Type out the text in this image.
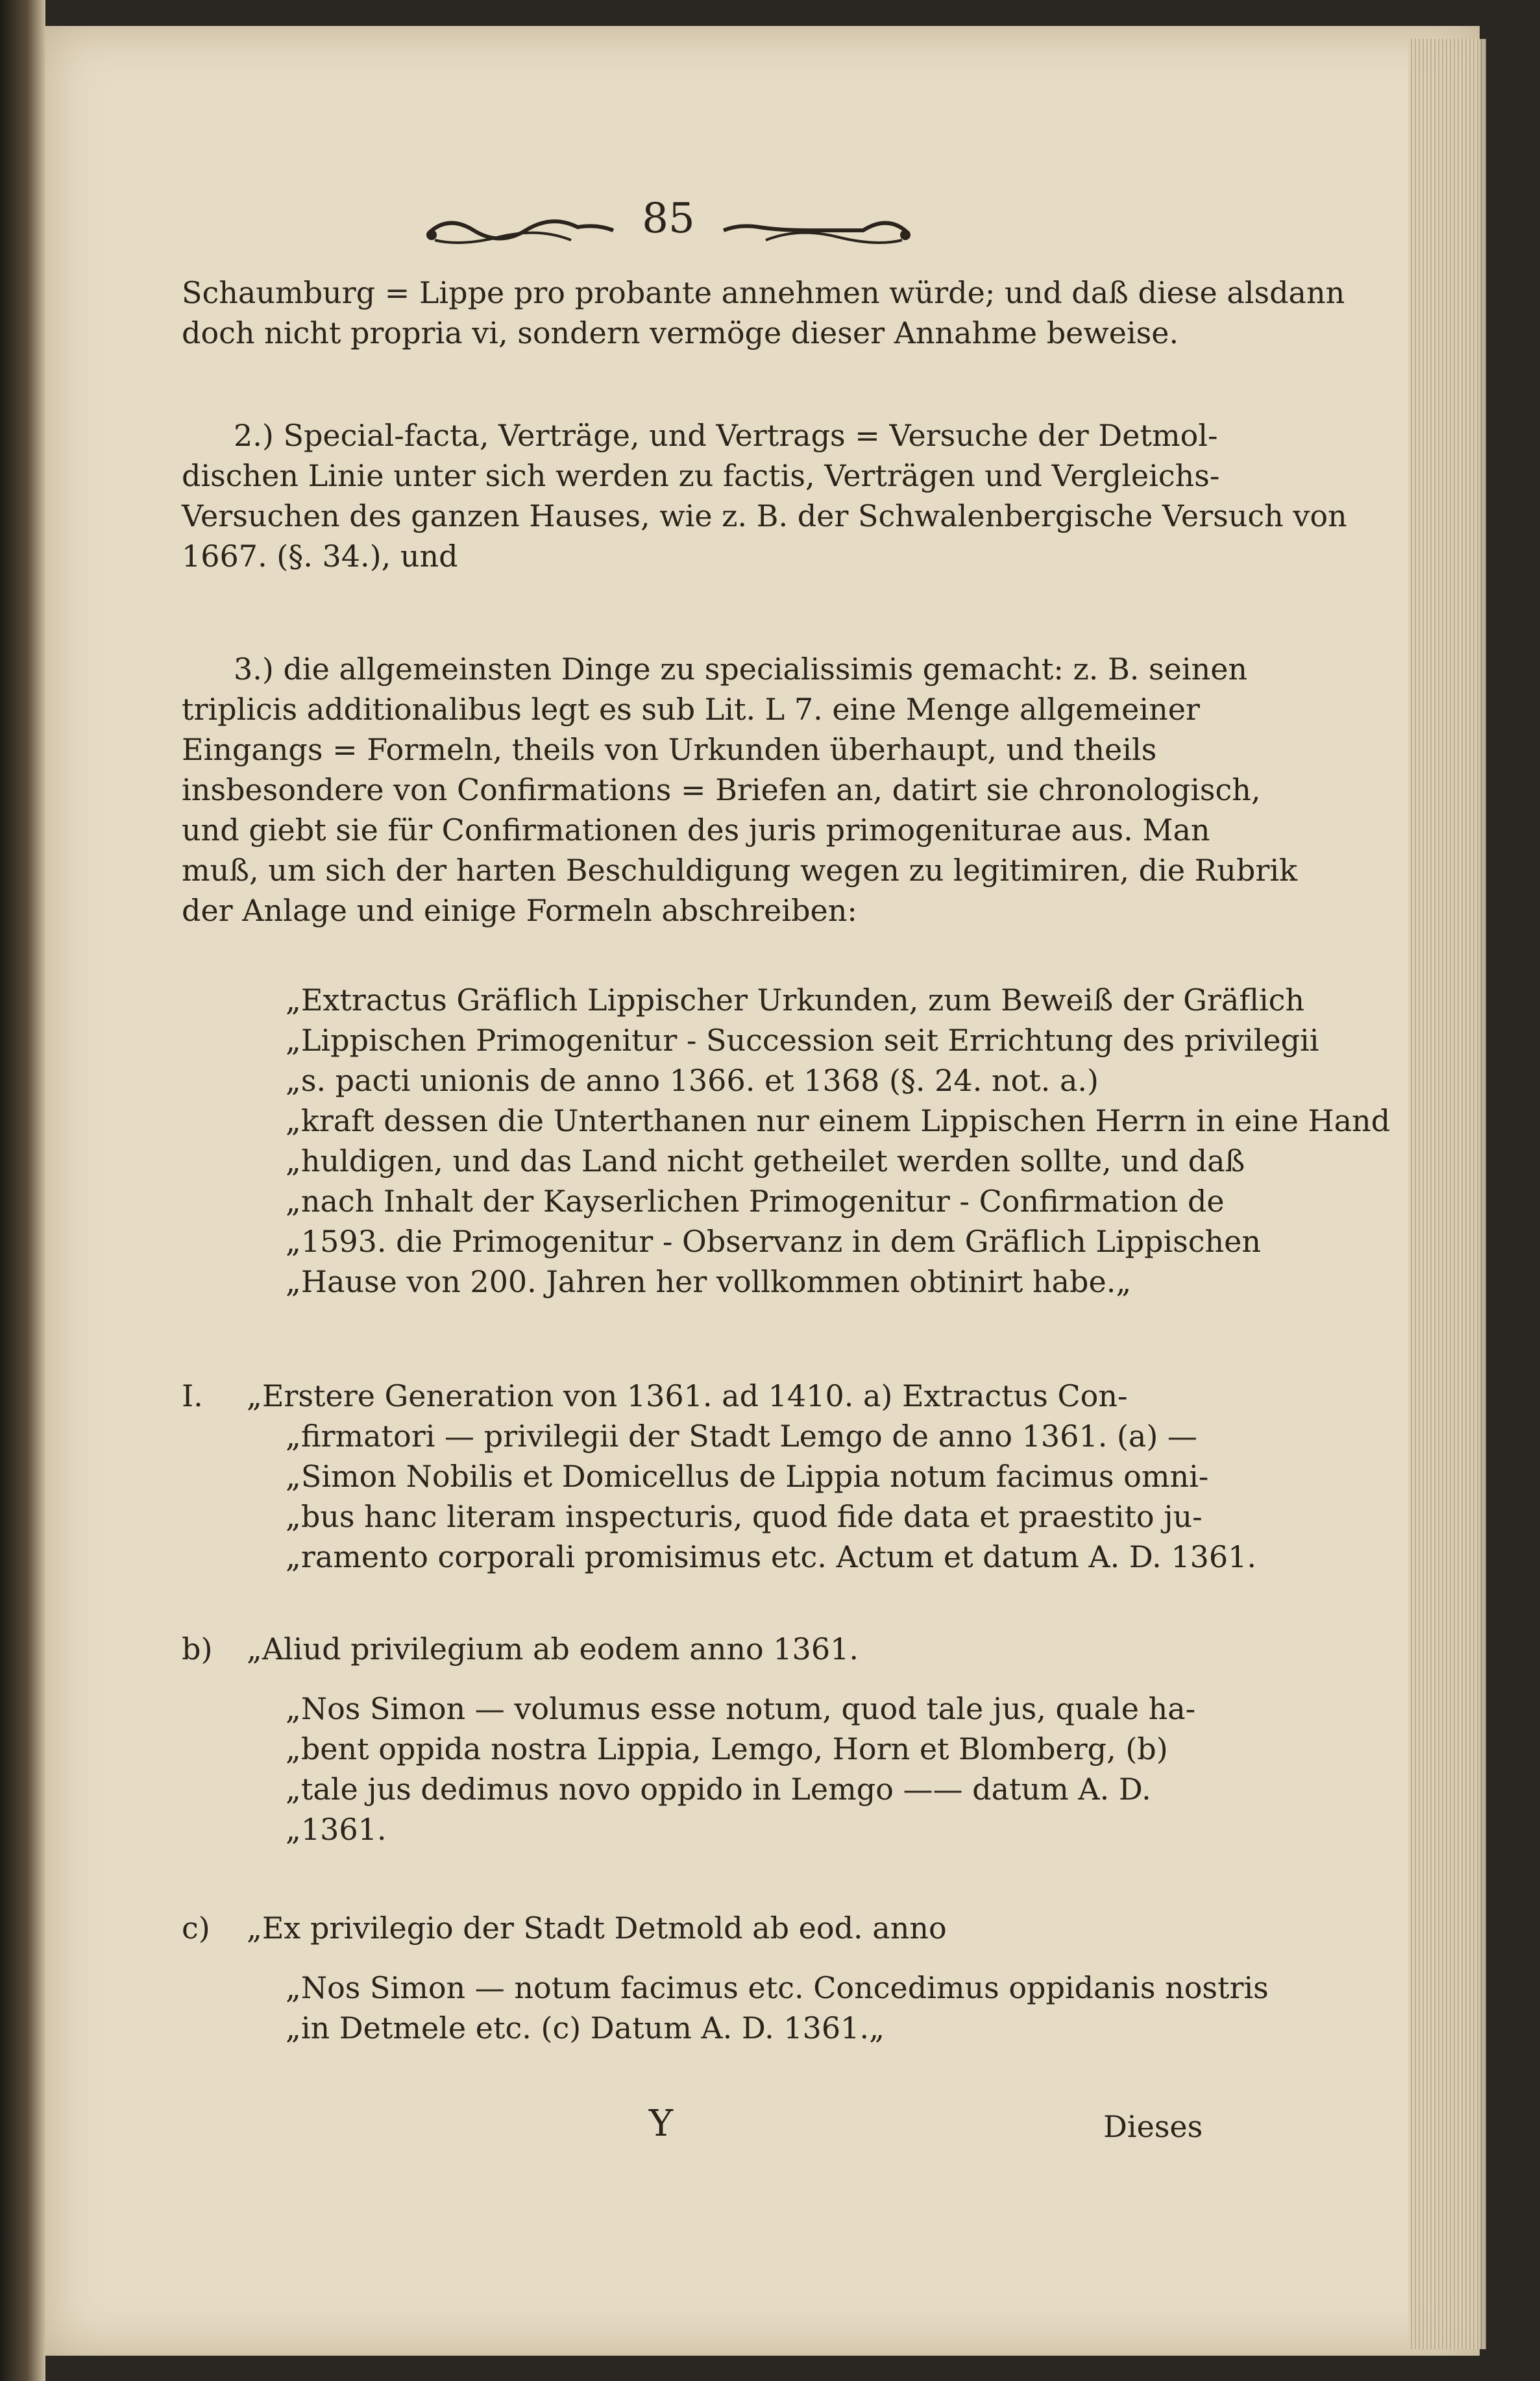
85
Schaumburg = Lippe pro probante annehmen würde; und daß diese alsdann
doch nicht propria vi, sondern vermöge dieser Annahme beweise.
2.) Special-facta, Verträge, und Vertrags = Versuche der Detmol-
dischen Linie unter sich werden zu factis, Verträgen und Vergleichs-
Versuchen des ganzen Hauses, wie z. B. der Schwalenbergische Versuch von
1667. (§. 34.), und
3.) die allgemeinsten Dinge zu specialissimis gemacht: z. B. seinen
triplicis additionalibus legt es sub Lit. L 7. eine Menge allgemeiner
Eingangs = Formeln, theils von Urkunden überhaupt, und theils
insbesondere von Confirmations = Briefen an, datirt sie chronologisch,
und giebt sie für Confirmationen des juris primogeniturae aus. Man
muß, um sich der harten Beschuldigung wegen zu legitimiren, die Rubrik
der Anlage und einige Formeln abschreiben:
„Extractus Gräflich Lippischer Urkunden, zum Beweiß der Gräflich
„Lippischen Primogenitur - Succession seit Errichtung des privilegii
„s. pacti unionis de anno 1366. et 1368 (§. 24. not. a.)
„kraft dessen die Unterthanen nur einem Lippischen Herrn in eine Hand
„huldigen, und das Land nicht getheilet werden sollte, und daß
„nach Inhalt der Kayserlichen Primogenitur - Confirmation de
„1593. die Primogenitur - Observanz in dem Gräflich Lippischen
„Hause von 200. Jahren her vollkommen obtinirt habe.„
I. „Erstere Generation von 1361. ad 1410. a) Extractus Con-
„firmatori — privilegii der Stadt Lemgo de anno 1361. (a) —
„Simon Nobilis et Domicellus de Lippia notum facimus omni-
„bus hanc literam inspecturis, quod fide data et praestito ju-
„ramento corporali promisimus etc. Actum et datum A. D. 1361.
b) „Aliud privilegium ab eodem anno 1361.
„Nos Simon — volumus esse notum, quod tale jus, quale ha-
„bent oppida nostra Lippia, Lemgo, Horn et Blomberg, (b)
„tale jus dedimus novo oppido in Lemgo —— datum A. D.
„1361.
c) „Ex privilegio der Stadt Detmold ab eod. anno
„Nos Simon — notum facimus etc. Concedimus oppidanis nostris
„in Detmele etc. (c) Datum A. D. 1361.„
Y	Dieses
